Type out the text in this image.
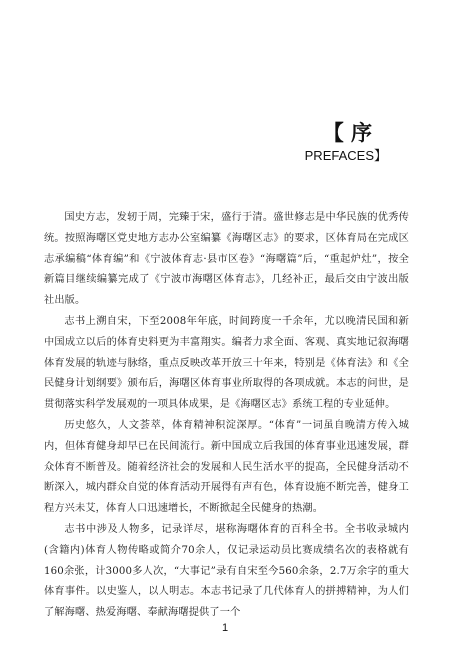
【 序
PREFACES】

国史方志，发轫于周，完臻于宋，盛行于清。盛世修志是中华民族的优秀传统。按照海曙区党史地方志办公室编纂《海曙区志》的要求，区体育局在完成区志承编稿“体育编”和《宁波体育志·县市区卷》“海曙篇”后，“重起炉灶”，按全新篇目继续编纂完成了《宁波市海曙区体育志》，几经补正，最后交由宁波出版社出版。

志书上溯自宋，下至2008年年底，时间跨度一千余年，尤以晚清民国和新中国成立以后的体育史料更为丰富翔实。编者力求全面、客观、真实地记叙海曙体育发展的轨迹与脉络，重点反映改革开放三十年来，特别是《体育法》和《全民健身计划纲要》颁布后，海曙区体育事业所取得的各项成就。本志的问世，是贯彻落实科学发展观的一项具体成果，是《海曙区志》系统工程的专业延伸。

历史悠久，人文荟萃，体育精神积淀深厚。“体育”一词虽自晚清方传入城内，但体育健身却早已在民间流行。新中国成立后我国的体育事业迅速发展，群众体育不断普及。随着经济社会的发展和人民生活水平的提高，全民健身活动不断深入，城内群众自觉的体育活动开展得有声有色，体育设施不断完善，健身工程方兴未艾，体育人口迅速增长，不断掀起全民健身的热潮。

志书中涉及人物多，记录详尽，堪称海曙体育的百科全书。全书收录城内(含籍内)体育人物传略或简介70余人，仅记录运动员比赛成绩名次的表格就有160余张，计3000多人次，“大事记”录有自宋至今560余条，2.7万余字的重大体育事件。以史鉴人，以人明志。本志书记录了几代体育人的拼搏精神，为人们了解海曙、热爱海曙、奉献海曙提供了一个

1
